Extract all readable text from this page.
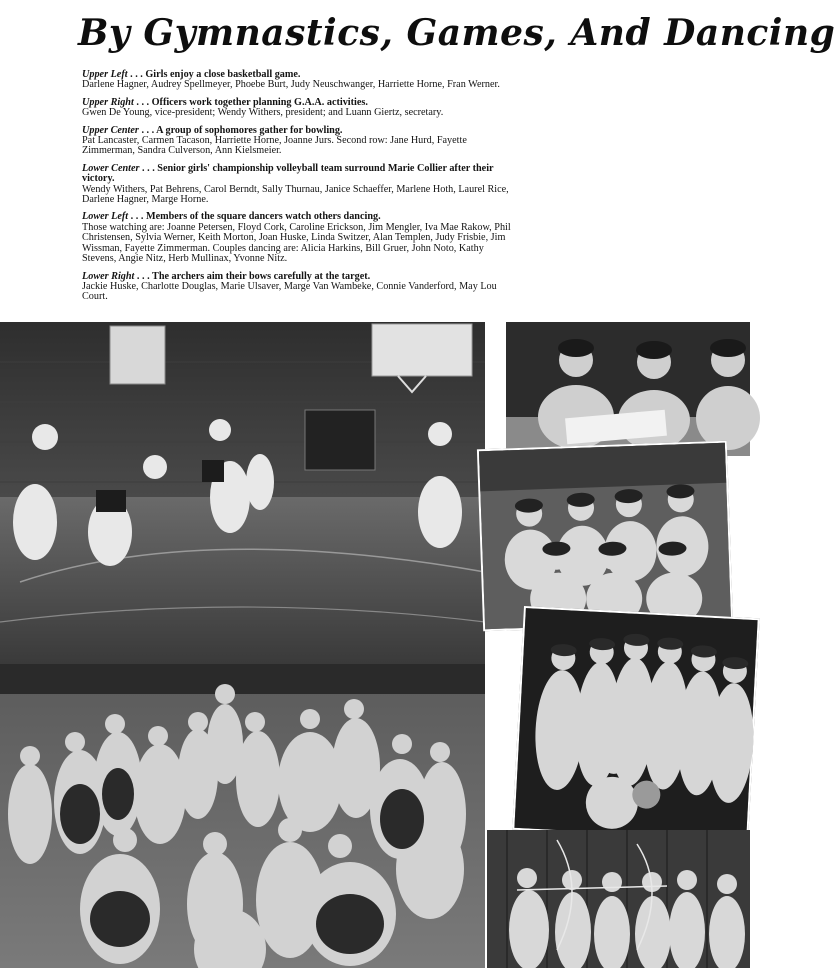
By Gymnastics, Games, And Dancing

Upper Left . . . Girls enjoy a close basketball game.
Darlene Hagner, Audrey Spellmeyer, Phoebe Burt, Judy Neuschwanger, Harriette Horne, Fran Werner.

Upper Right . . . Officers work together planning G.A.A. activities.
Gwen De Young, vice-president; Wendy Withers, president; and Luann Giertz, secretary.

Upper Center . . . A group of sophomores gather for bowling.
Pat Lancaster, Carmen Tacason, Harriette Horne, Joanne Jurs. Second row: Jane Hurd, Fayette Zimmerman, Sandra Culverson, Ann Kielsmeier.

Lower Center . . . Senior girls' championship volleyball team surround Marie Collier after their victory.
Wendy Withers, Pat Behrens, Carol Berndt, Sally Thurnau, Janice Schaeffer, Marlene Hoth, Laurel Rice, Darlene Hagner, Marge Horne.

Lower Left . . . Members of the square dancers watch others dancing.
Those watching are: Joanne Petersen, Floyd Cork, Caroline Erickson, Jim Mengler, Iva Mae Rakow, Phil Christensen, Sylvia Werner, Keith Morton, Joan Huske, Linda Switzer, Alan Templen, Judy Frisbie, Jim Wissman, Fayette Zimmerman. Couples dancing are: Alicia Harkins, Bill Gruer, John Noto, Kathy Stevens, Angie Nitz, Herb Mullinax, Yvonne Nitz.

Lower Right . . . The archers aim their bows carefully at the target.
Jackie Huske, Charlotte Douglas, Marie Ulsaver, Marge Van Wambeke, Connie Vanderford, May Lou Court.
